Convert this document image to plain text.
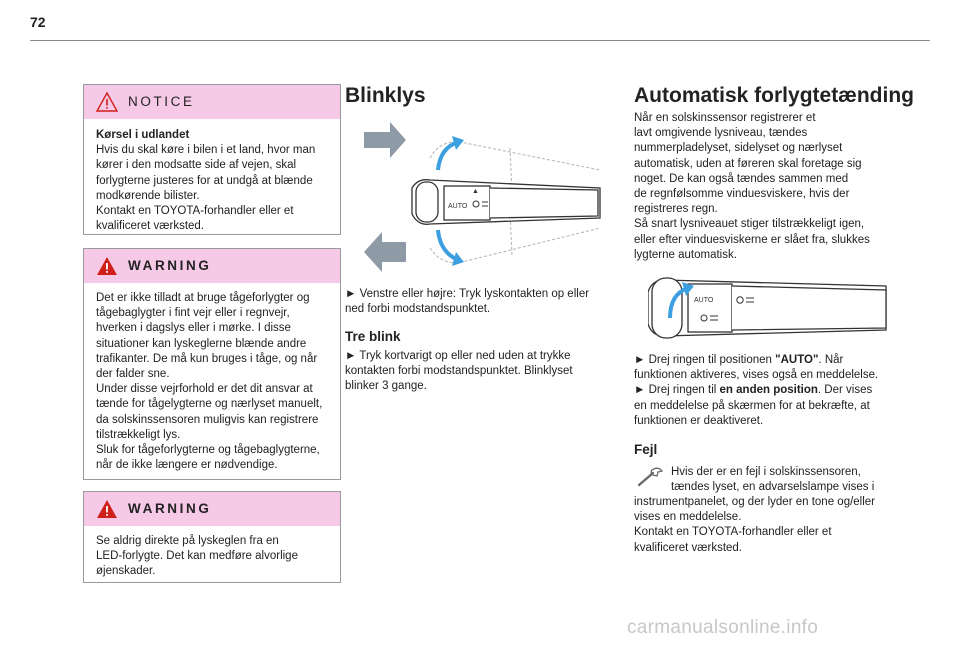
72
NOTICE

Kørsel i udlandet

Hvis du skal køre i bilen i et land, hvor man

kører i den modsatte side af vejen, skal

forlygterne justeres for at undgå at blænde

modkørende bilister.

Kontakt en TOYOTA-forhandler eller et

kvalificeret værksted.

WARNING

Det er ikke tilladt at bruge tågeforlygter og

tågebaglygter i fint vejr eller i regnvejr,

hverken i dagslys eller i mørke. I disse

situationer kan lyskeglerne blænde andre

trafikanter. De må kun bruges i tåge, og når

der falder sne.

Under disse vejrforhold er det dit ansvar at

tænde for tågelygterne og nærlyset manuelt,

da solskinssensoren muligvis kan registrere

tilstrækkeligt lys.

Sluk for tågeforlygterne og tågebaglygterne,

når de ikke længere er nødvendige.

WARNING

Se aldrig direkte på lyskeglen fra en

LED-forlygte. Det kan medføre alvorlige

øjenskader.

Blinklys
AUTO
▲

► Venstre eller højre: Tryk lyskontakten op eller

ned forbi modstandspunktet.

Tre blink

► Tryk kortvarigt op eller ned uden at trykke

kontakten forbi modstandspunktet. Blinklyset

blinker 3 gange.

Automatisk forlygtetænding

Når en solskinssensor registrerer et

lavt omgivende lysniveau, tændes

nummerpladelyset, sidelyset og nærlyset

automatisk, uden at føreren skal foretage sig

noget. De kan også tændes sammen med

de regnfølsomme vinduesviskere, hvis der

registreres regn.

Så snart lysniveauet stiger tilstrækkeligt igen,

eller efter vinduesviskerne er slået fra, slukkes

lygterne automatisk.

AUTO

► Drej ringen til positionen "AUTO". Når

funktionen aktiveres, vises også en meddelelse.

► Drej ringen til en anden position. Der vises

en meddelelse på skærmen for at bekræfte, at

funktionen er deaktiveret.

Fejl

Hvis der er en fejl i solskinssensoren,

tændes lyset, en advarselslampe vises i

instrumentpanelet, og der lyder en tone og/eller

vises en meddelelse.

Kontakt en TOYOTA-forhandler eller et

kvalificeret værksted.

carmanualsonline.info
